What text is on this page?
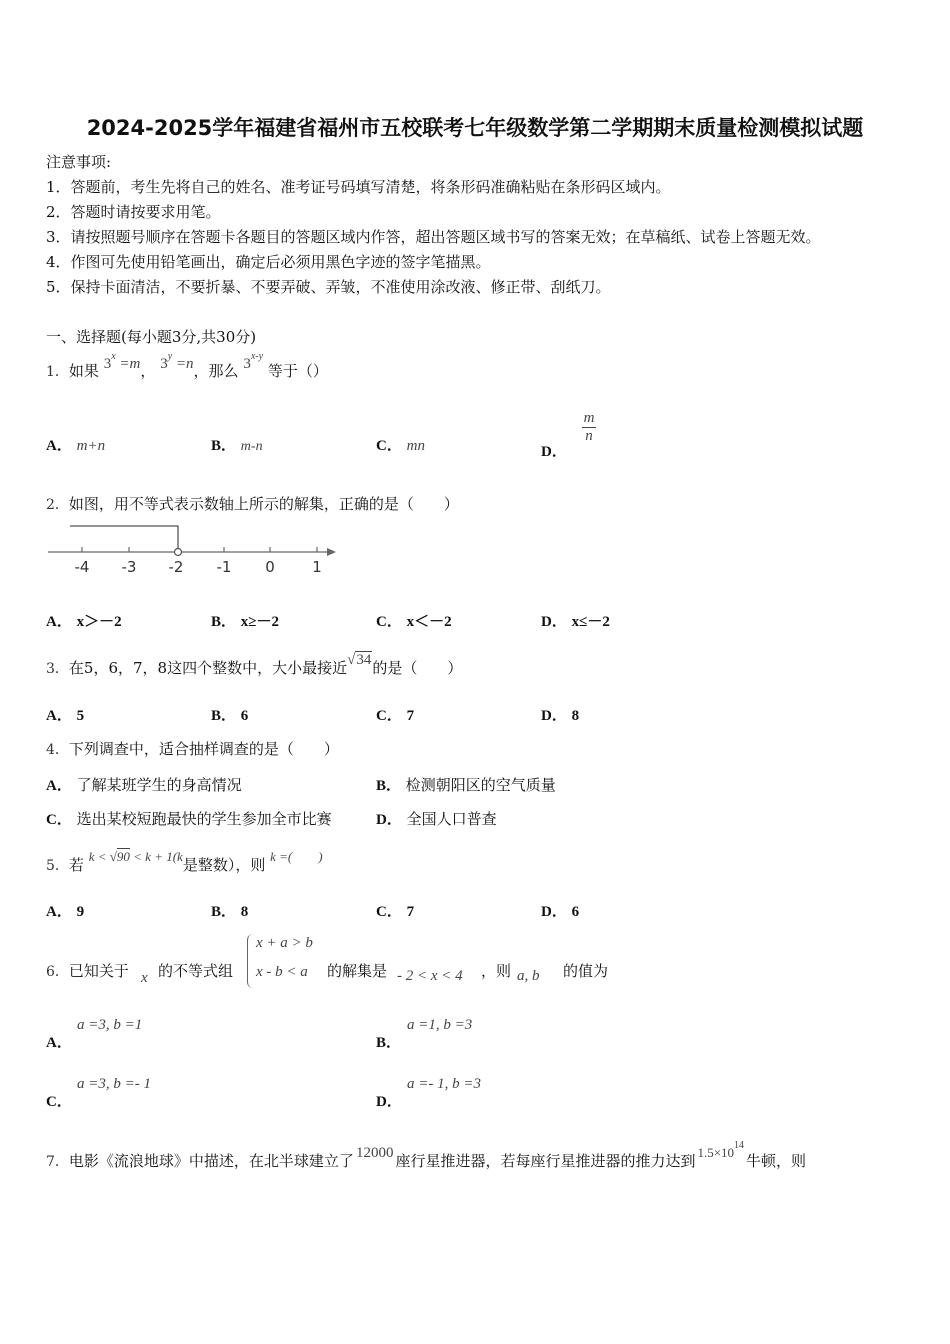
2024-2025学年福建省福州市五校联考七年级数学第二学期期末质量检测模拟试题
注意事项:
1．答题前，考生先将自己的姓名、准考证号码填写清楚，将条形码准确粘贴在条形码区域内。
2．答题时请按要求用笔。
3．请按照题号顺序在答题卡各题目的答题区域内作答，超出答题区域书写的答案无效；在草稿纸、试卷上答题无效。
4．作图可先使用铅笔画出，确定后必须用黑色字迹的签字笔描黑。
5．保持卡面清洁，不要折暴、不要弄破、弄皱，不准使用涂改液、修正带、刮纸刀。
一、选择题(每小题3分,共30分)
1．如果 $3^x =m$， $3^y =n$，那么 3$^{x-y}$ 等于（）
A． m+n	B． m-n	C． mn	D．
$\frac{m}{n}$
2．如图，用不等式表示数轴上所示的解集，正确的是（　　）
-4 -3 -2 -1 0 1
A． x＞－2	B． x≥－2	C． x＜－2	D． x≤－2
3．在5，6，7，8这四个整数中，大小最接近√34的是（　　）
A． 5	B． 6	C． 7	D． 8
4．下列调查中，适合抽样调查的是（　　）
A． 了解某班学生的身高情况	B． 检测朝阳区的空气质量
C． 选出某校短跑最快的学生参加全市比赛	D． 全国人口普查
5．若 k < √90 < k + 1(k是整数），则 k =(　　)
A． 9	B． 8	C． 7	D． 6
6．已知关于 x 的不等式组
x + a > b
x - b < a 的解集是 - 2 < x < 4 ，则 a, b 的值为
A．
a =3, b =1
B．
a =1, b =3
C．
a =3, b =- 1
D．
a =- 1, b =3
7．电影《流浪地球》中描述，在北半球建立了 12000 座行星推进器，若每座行星推进器的推力达到 $1.5\times 10^{14}$牛顿，则
